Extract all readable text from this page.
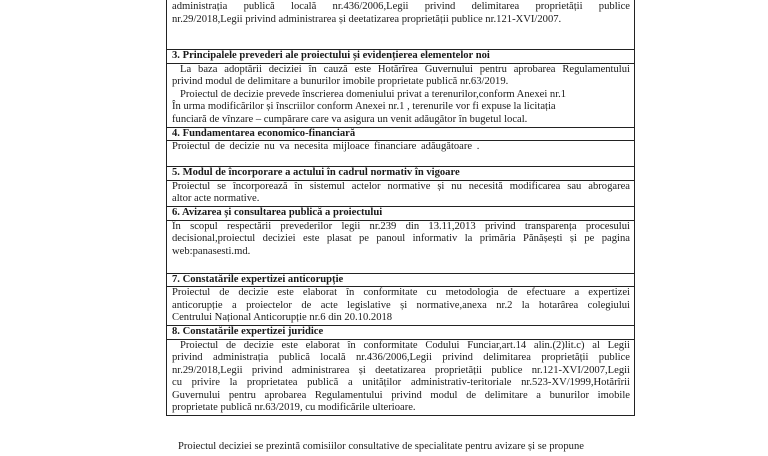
administrația publică locală nr.436/2006,Legii privind delimitarea proprietății publice
nr.29/2018,Legii privind administrarea și deetatizarea proprietății publice nr.121-XVI/2007.

3. Principalele prevederi ale proiectului și evidențierea elementelor noi

La baza adoptării deciziei în cauză este Hotărîrea Guvernului pentru aprobarea Regulamentului
privind modul de delimitare a bunurilor imobile proprietate publică nr.63/2019.
Proiectul de decizie prevede înscrierea domeniului privat a terenurilor,conform Anexei nr.1
În urma modificărilor și înscriilor conform Anexei nr.1 , terenurile vor fi expuse la licitația
funciară de vînzare – cumpărare care va asigura un venit adăugător în bugetul local.

4. Fundamentarea economico-financiară

Proiectul de decizie nu va necesita mijloace financiare adăugătoare .

5. Modul de încorporare a actului în cadrul normativ în vigoare

Proiectul se încorporează în sistemul actelor normative și nu necesită modificarea sau abrogarea
altor acte normative.

6. Avizarea și consultarea publică a proiectului

În scopul respectării prevederilor legii nr.239 din 13.11,2013 privind transparența procesului
decisional,proiectul deciziei este plasat pe panoul informativ la primăria Pănășești și pe pagina
web:panasesti.md.

7. Constatările expertizei anticorupție

Proiectul de decizie este elaborat în conformitate cu metodologia de efectuare a expertizei
anticorupție a proiectelor de acte legislative și normative,anexa nr.2 la hotarârea colegiului
Centrului Național Anticorupție nr.6 din 20.10.2018

8. Constatările expertizei juridice

Proiectul de decizie este elaborat în conformitate Codului Funciar,art.14 alin.(2)lit.c) al Legii
privind administrația publică locală nr.436/2006,Legii privind delimitarea proprietății publice
nr.29/2018,Legii privind administrarea și deetatizarea proprietății publice nr.121-XVI/2007,Legii
cu privire la proprietatea publică a unităților administrativ-teritoriale nr.523-XV/1999,Hotărîrii
Guvernului pentru aprobarea Regulamentului privind modul de delimitare a bunurilor imobile
proprietate publică nr.63/2019, cu modificările ulterioare.
Proiectul deciziei se prezintă comisiilor consultative de specialitate pentru avizare și se propune
